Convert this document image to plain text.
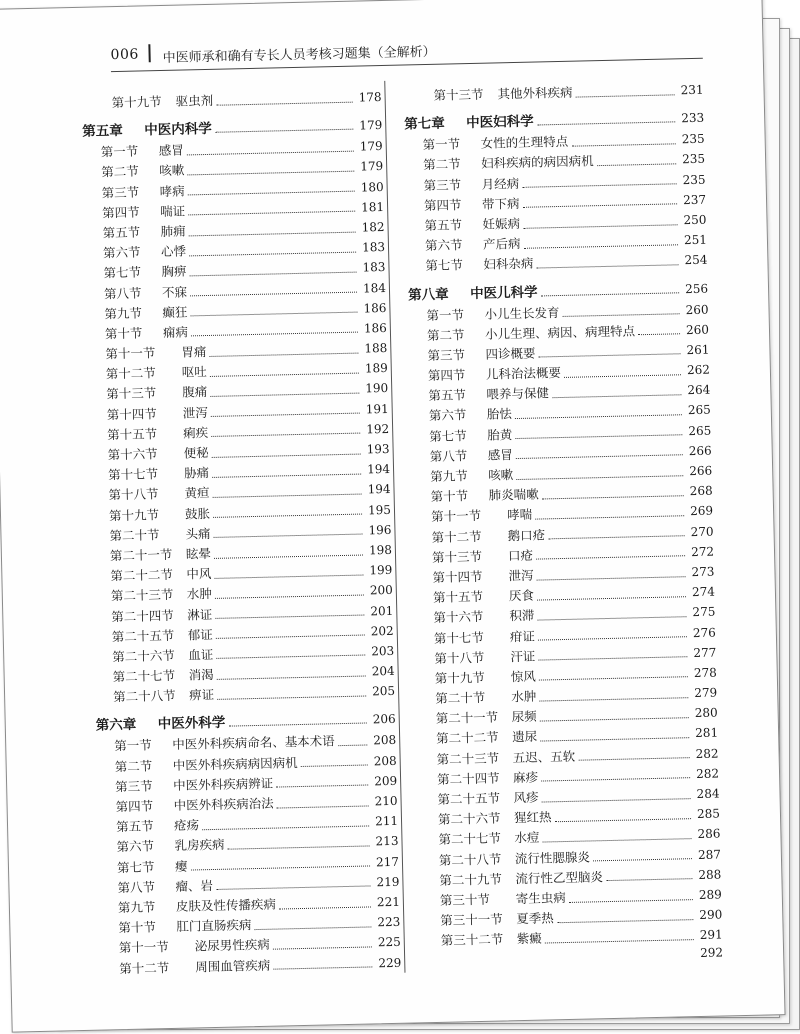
006 中医师承和确有专长人员考核习题集（全解析）
第十九节	驱虫剂	178
第五章	中医内科学	179
第一节	感冒	179
第二节	咳嗽	179
第三节	哮病	180
第四节	喘证	181
第五节	肺痈	182
第六节	心悸	183
第七节	胸痹	183
第八节	不寐	184
第九节	癫狂	186
第十节	痫病	186
第十一节	胃痛	188
第十二节	呕吐	189
第十三节	腹痛	190
第十四节	泄泻	191
第十五节	痢疾	192
第十六节	便秘	193
第十七节	胁痛	194
第十八节	黄疸	194
第十九节	鼓胀	195
第二十节	头痛	196
第二十一节	眩晕	198
第二十二节	中风	199
第二十三节	水肿	200
第二十四节	淋证	201
第二十五节	郁证	202
第二十六节	血证	203
第二十七节	消渴	204
第二十八节	痹证	205
第六章	中医外科学	206
第一节	中医外科疾病命名、基本术语	208
第二节	中医外科疾病病因病机	208
第三节	中医外科疾病辨证	209
第四节	中医外科疾病治法	210
第五节	疮疡	211
第六节	乳房疾病	213
第七节	瘿	217
第八节	瘤、岩	219
第九节	皮肤及性传播疾病	221
第十节	肛门直肠疾病	223
第十一节	泌尿男性疾病	225
第十二节	周围血管疾病	229
第十三节	其他外科疾病	231
第七章	中医妇科学	233
第一节	女性的生理特点	235
第二节	妇科疾病的病因病机	235
第三节	月经病	235
第四节	带下病	237
第五节	妊娠病	250
第六节	产后病	251
第七节	妇科杂病	254
第八章	中医儿科学	256
第一节	小儿生长发育	260
第二节	小儿生理、病因、病理特点	260
第三节	四诊概要	261
第四节	儿科治法概要	262
第五节	喂养与保健	264
第六节	胎怯	265
第七节	胎黄	265
第八节	感冒	266
第九节	咳嗽	266
第十节	肺炎喘嗽	268
第十一节	哮喘	269
第十二节	鹅口疮	270
第十三节	口疮	272
第十四节	泄泻	273
第十五节	厌食	274
第十六节	积滞	275
第十七节	疳证	276
第十八节	汗证	277
第十九节	惊风	278
第二十节	水肿	279
第二十一节	尿频	280
第二十二节	遗尿	281
第二十三节	五迟、五软	282
第二十四节	麻疹	282
第二十五节	风疹	284
第二十六节	猩红热	285
第二十七节	水痘	286
第二十八节	流行性腮腺炎	287
第二十九节	流行性乙型脑炎	288
第三十节	寄生虫病	289
第三十一节	夏季热	290
第三十二节	紫癜	291
292
